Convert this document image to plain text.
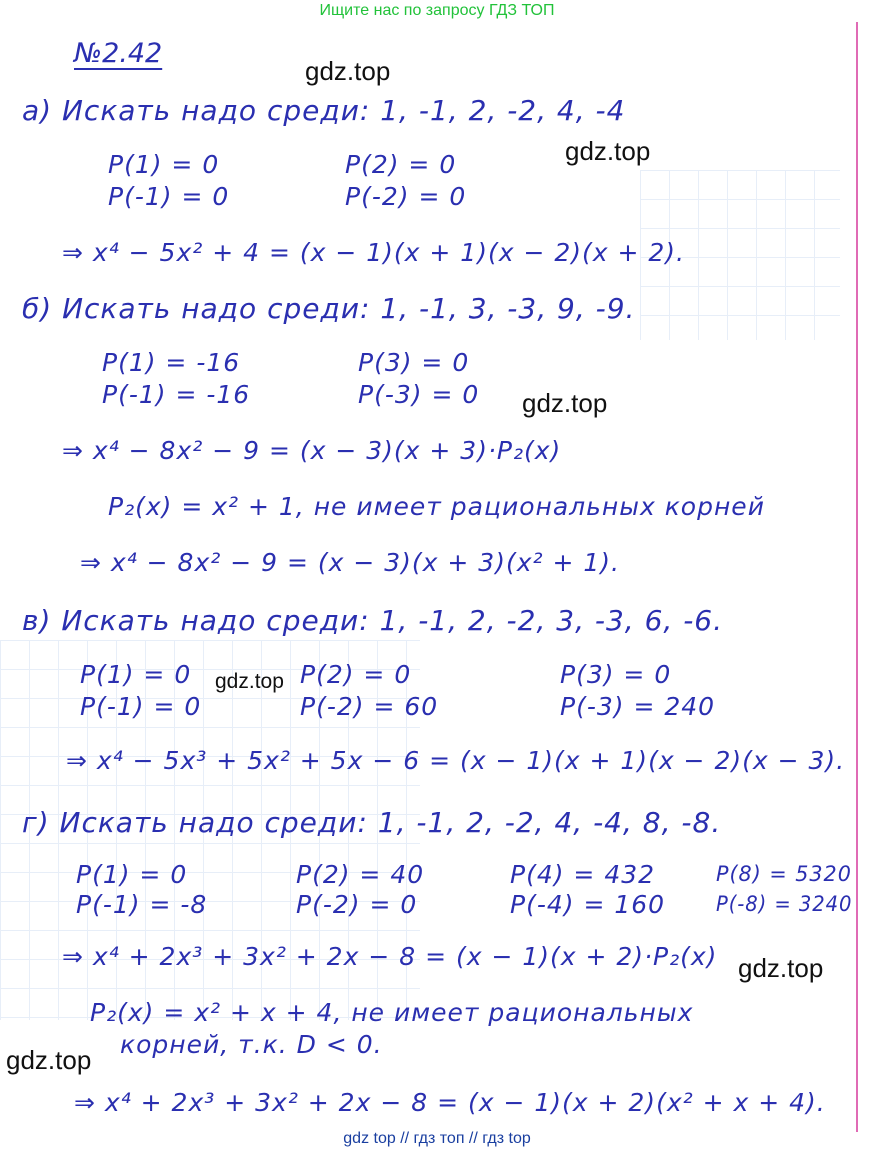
Ищите нас по запросу ГДЗ ТОП
№2.42
gdz.top
gdz.top
gdz.top
gdz.top
gdz.top
gdz.top
а) Искать надо среди: 1, -1, 2, -2, 4, -4
P(1) = 0
P(-1) = 0
P(2) = 0
P(-2) = 0
⇒ x⁴ − 5x² + 4 = (x − 1)(x + 1)(x − 2)(x + 2).
б) Искать надо среди: 1, -1, 3, -3, 9, -9.
P(1) = -16
P(-1) = -16
P(3) = 0
P(-3) = 0
⇒ x⁴ − 8x² − 9 = (x − 3)(x + 3)·P₂(x)
P₂(x) = x² + 1, не имеет рациональных корней
⇒ x⁴ − 8x² − 9 = (x − 3)(x + 3)(x² + 1).
в) Искать надо среди: 1, -1, 2, -2, 3, -3, 6, -6.
P(1) = 0
P(-1) = 0
P(2) = 0
P(-2) = 60
P(3) = 0
P(-3) = 240
⇒ x⁴ − 5x³ + 5x² + 5x − 6 = (x − 1)(x + 1)(x − 2)(x − 3).
г) Искать надо среди: 1, -1, 2, -2, 4, -4, 8, -8.
P(1) = 0
P(-1) = -8
P(2) = 40
P(-2) = 0
P(4) = 432
P(-4) = 160
P(8) = 5320
P(-8) = 3240
⇒ x⁴ + 2x³ + 3x² + 2x − 8 = (x − 1)(x + 2)·P₂(x)
P₂(x) = x² + x + 4, не имеет рациональных
корней, т.к. D < 0.
⇒ x⁴ + 2x³ + 3x² + 2x − 8 = (x − 1)(x + 2)(x² + x + 4).
gdz top // гдз топ // гдз top
